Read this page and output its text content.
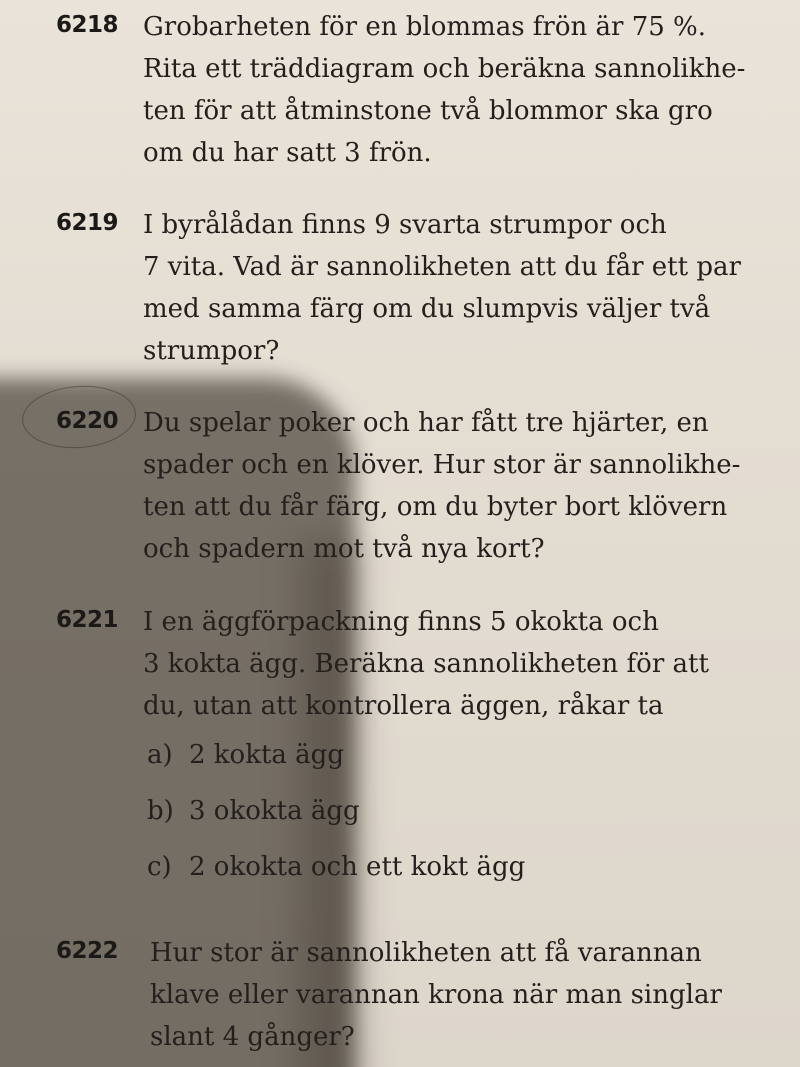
6218 Grobarheten för en blommas frön är 75 %.
Rita ett träddiagram och beräkna sannolikhe-
ten för att åtminstone två blommor ska gro
om du har satt 3 frön.
6219 I byrålådan finns 9 svarta strumpor och
7 vita. Vad är sannolikheten att du får ett par
med samma färg om du slumpvis väljer två
strumpor?
6220 Du spelar poker och har fått tre hjärter, en
spader och en klöver. Hur stor är sannolikhe-
ten att du får färg, om du byter bort klövern
och spadern mot två nya kort?
6221 I en äggförpackning finns 5 okokta och
3 kokta ägg. Beräkna sannolikheten för att
du, utan att kontrollera äggen, råkar ta
a) 2 kokta ägg
b) 3 okokta ägg
c) 2 okokta och ett kokt ägg
6222 Hur stor är sannolikheten att få varannan
klave eller varannan krona när man singlar
slant 4 gånger?
